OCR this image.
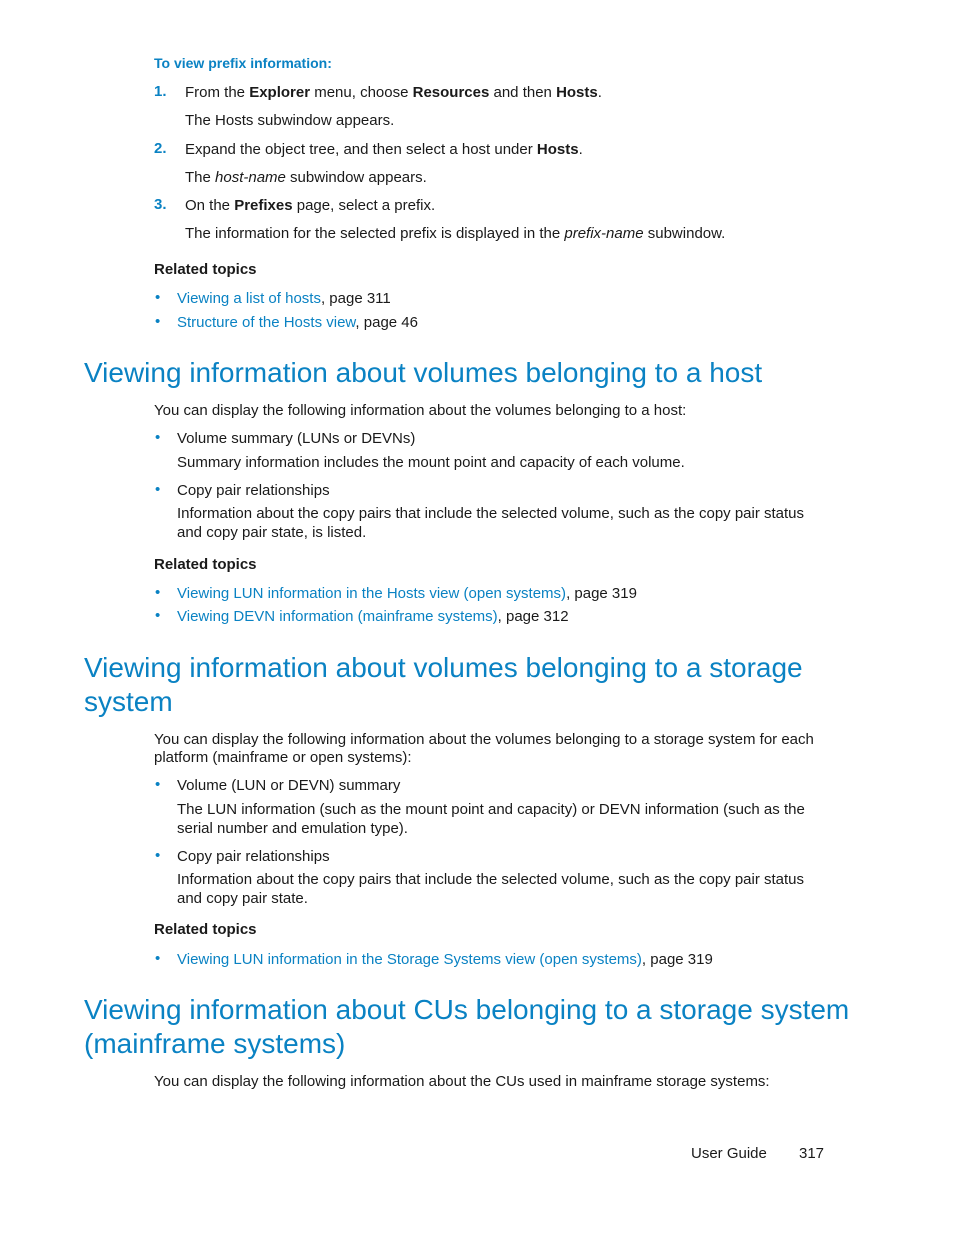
To view prefix information:
1. From the Explorer menu, choose Resources and then Hosts.
The Hosts subwindow appears.
2. Expand the object tree, and then select a host under Hosts.
The host-name subwindow appears.
3. On the Prefixes page, select a prefix.
The information for the selected prefix is displayed in the prefix-name subwindow.
Related topics
• Viewing a list of hosts, page 311
• Structure of the Hosts view, page 46
Viewing information about volumes belonging to a host
You can display the following information about the volumes belonging to a host:
• Volume summary (LUNs or DEVNs)
Summary information includes the mount point and capacity of each volume.
• Copy pair relationships
Information about the copy pairs that include the selected volume, such as the copy pair status
and copy pair state, is listed.
Related topics
• Viewing LUN information in the Hosts view (open systems), page 319
• Viewing DEVN information (mainframe systems), page 312
Viewing information about volumes belonging to a storage
system
You can display the following information about the volumes belonging to a storage system for each
platform (mainframe or open systems):
• Volume (LUN or DEVN) summary
The LUN information (such as the mount point and capacity) or DEVN information (such as the
serial number and emulation type).
• Copy pair relationships
Information about the copy pairs that include the selected volume, such as the copy pair status
and copy pair state.
Related topics
• Viewing LUN information in the Storage Systems view (open systems), page 319
Viewing information about CUs belonging to a storage system
(mainframe systems)
You can display the following information about the CUs used in mainframe storage systems:
User Guide 317
